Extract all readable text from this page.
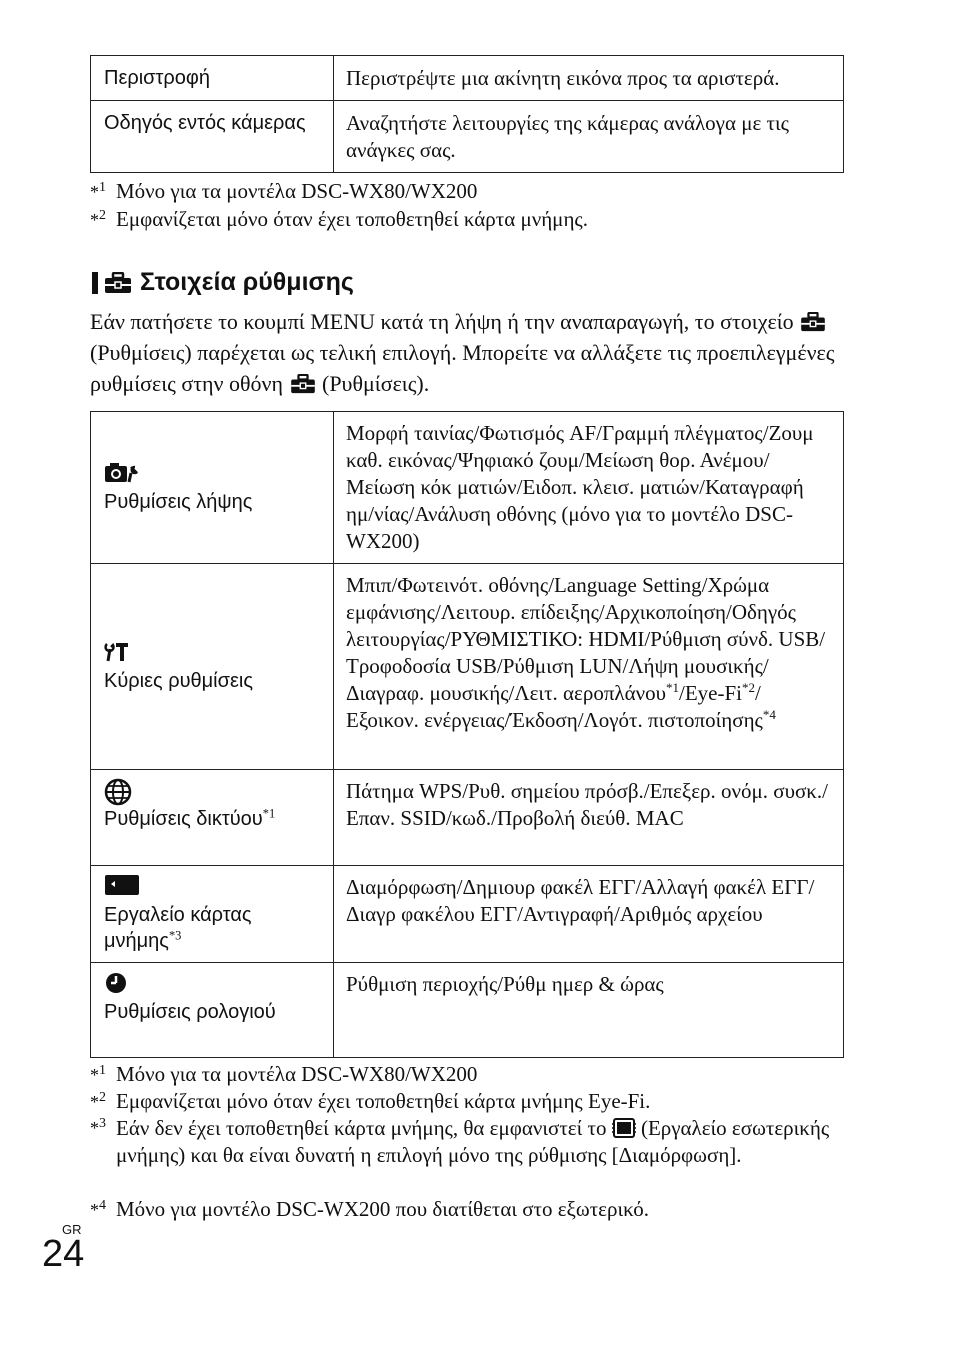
Περιστροφή	Περιστρέψτε μια ακίνητη εικόνα προς τα αριστερά.
Οδηγός εντός κάμερας	Αναζητήστε λειτουργίες της κάμερας ανάλογα με τις ανάγκες σας.
*$^1$ Μόνο για τα μοντέλα DSC-WX80/WX200
*$^2$ Εμφανίζεται μόνο όταν έχει τοποθετηθεί κάρτα μνήμης.
Στοιχεία ρύθμισης
Εάν πατήσετε το κουμπί MENU κατά τη λήψη ή την αναπαραγωγή, το στοιχείο  (Ρυθμίσεις) παρέχεται ως τελική επιλογή. Μπορείτε να αλλάξετε τις προεπιλεγμένες ρυθμίσεις στην οθόνη (Ρυθμίσεις).
Ρυθμίσεις λήψης	Μορφή ταινίας/Φωτισμός AF/Γραμμή πλέγματος/Ζουμ καθ. εικόνας/Ψηφιακό ζουμ/Μείωση θορ. Ανέμου/Μείωση κόκ ματιών/Ειδοπ. κλεισ. ματιών/Καταγραφή ημ/νίας/Ανάλυση οθόνης (μόνο για το μοντέλο DSC-WX200)

Κύριες ρυθμίσεις	Μπιπ/Φωτεινότ. οθόνης/Language Setting/Χρώμα εμφάνισης/Λειτουρ. επίδειξης/Αρχικοποίηση/Οδηγός λειτουργίας/ΡΥΘΜΙΣΤΙΚΟ: HDMI/Ρύθμιση σύνδ. USB/Τροφοδοσία USB/Ρύθμιση LUN/Λήψη μουσικής/Διαγραφ. μουσικής/Λειτ. αεροπλάνου$^{*1}$/Eye-Fi$^{*2}$/Εξοικον. ενέργειας/Έκδοση/Λογότ. πιστοποίησης$^{*4}$

Ρυθμίσεις δικτύου$^{*1}$	Πάτημα WPS/Ρυθ. σημείου πρόσβ./Επεξερ. ονόμ. συσκ./Επαν. SSID/κωδ./Προβολή διεύθ. MAC

Εργαλείο κάρτας μνήμης$^{*3}$	Διαμόρφωση/Δημιουρ φακέλ ΕΓΓ/Αλλαγή φακέλ ΕΓΓ/Διαγρ φακέλου ΕΓΓ/Αντιγραφή/Αριθμός αρχείου

Ρυθμίσεις ρολογιού	Ρύθμιση περιοχής/Ρύθμ ημερ & ώρας
*$^1$ Μόνο για τα μοντέλα DSC-WX80/WX200
*$^2$ Εμφανίζεται μόνο όταν έχει τοποθετηθεί κάρτα μνήμης Eye-Fi.
*$^3$ Εάν δεν έχει τοποθετηθεί κάρτα μνήμης, θα εμφανιστεί το (Εργαλείο εσωτερικής μνήμης) και θα είναι δυνατή η επιλογή μόνο της ρύθμισης [Διαμόρφωση].
*$^4$ Μόνο για μοντέλο DSC-WX200 που διατίθεται στο εξωτερικό.
GR
24
